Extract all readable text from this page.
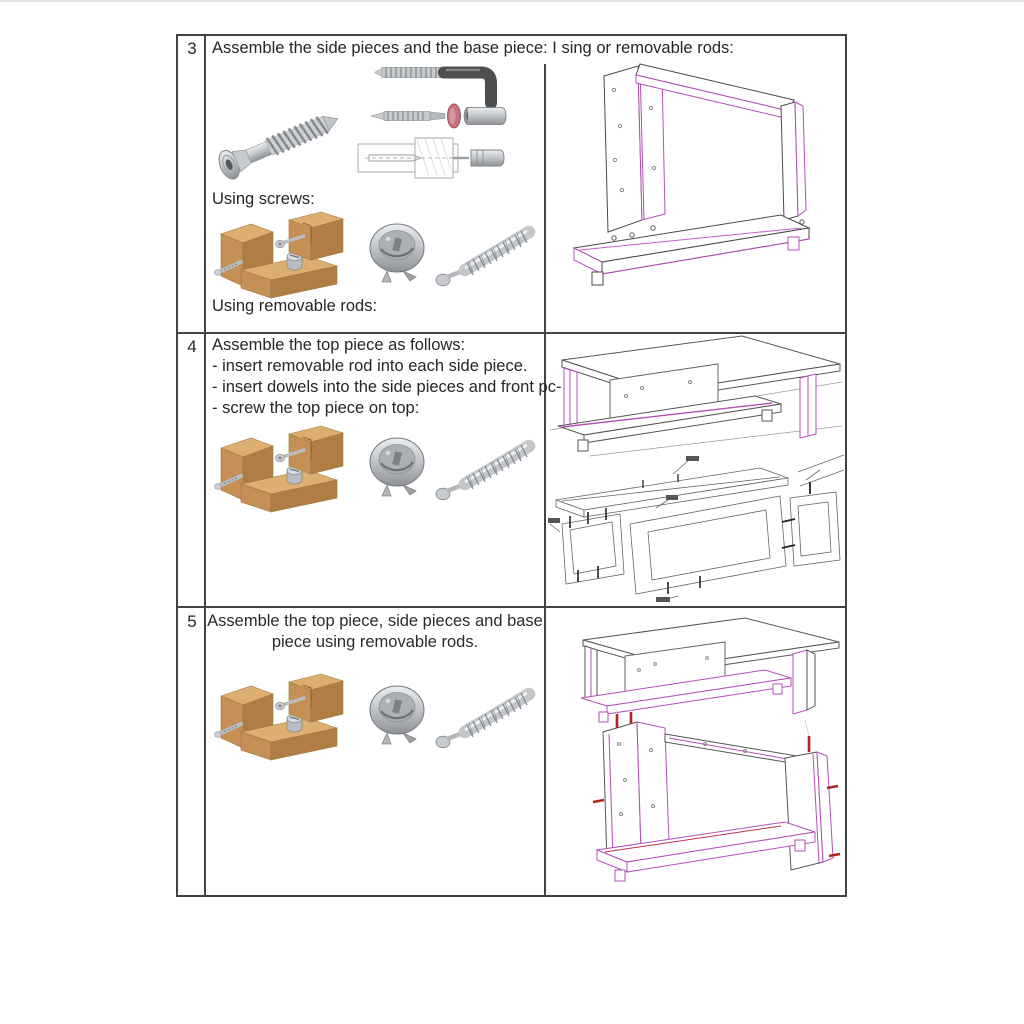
3 Assemble the side pieces and the base piece: I sing or removable rods:
Using screws:
Using removable rods:
4 Assemble the top piece as follows:
- insert removable rod into each side piece.
- insert dowels into the side pieces and front pc-
- screw the top piece on top:
5 Assemble the top piece, side pieces and base
piece using removable rods.
